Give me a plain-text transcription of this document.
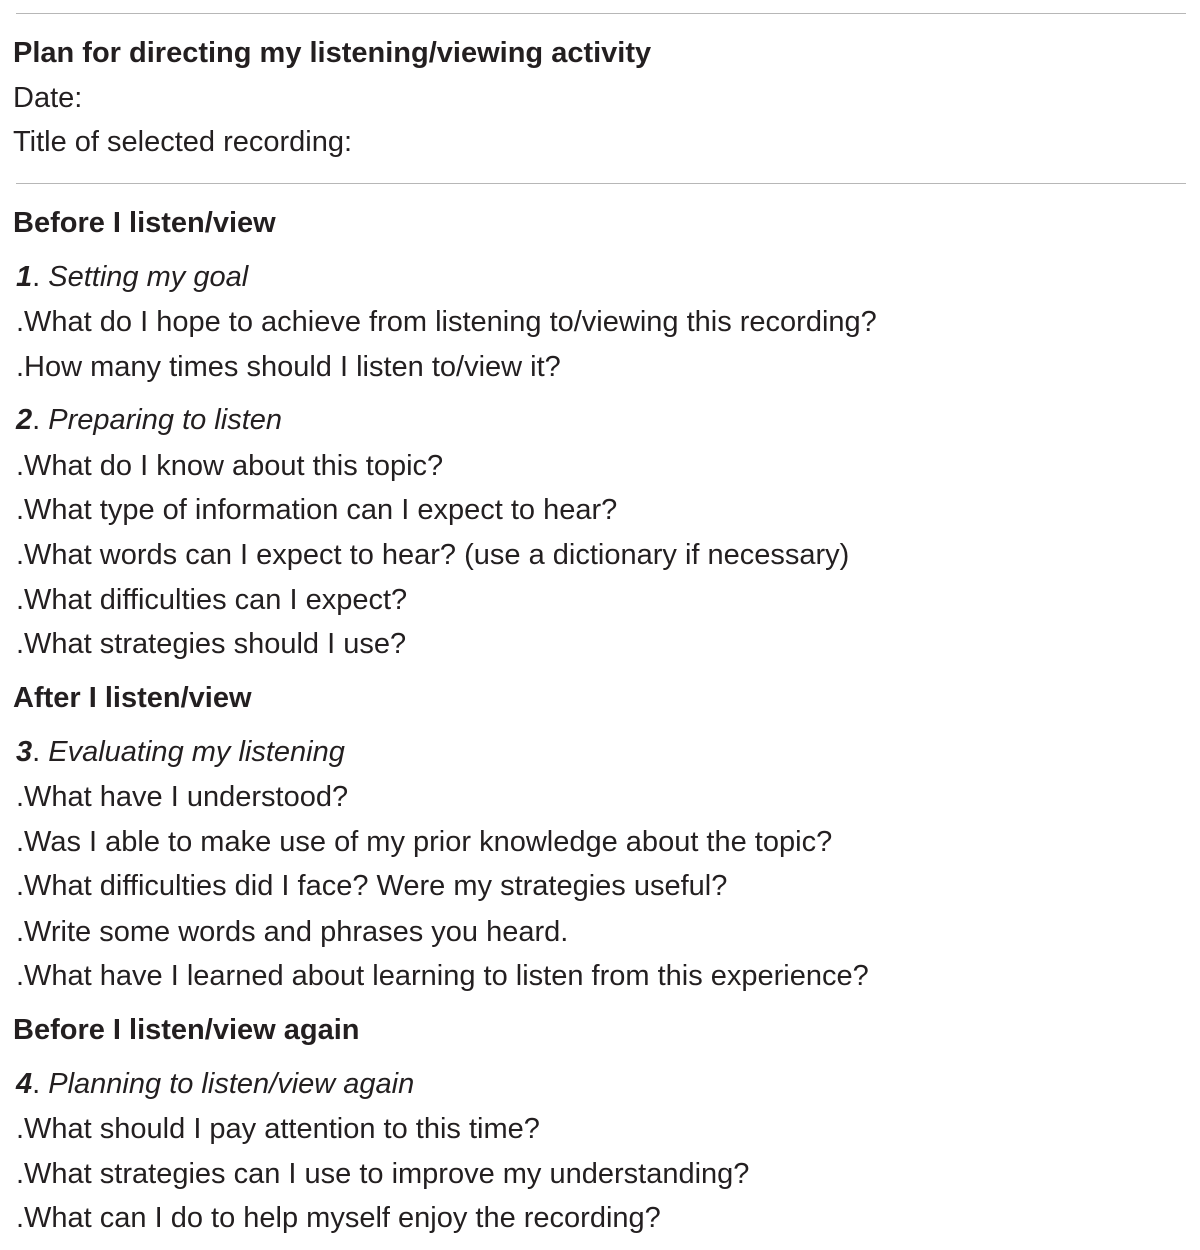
Plan for directing my listening/viewing activity
Date:
Title of selected recording:
Before I listen/view
1. Setting my goal
.What do I hope to achieve from listening to/viewing this recording?
.How many times should I listen to/view it?
2. Preparing to listen
.What do I know about this topic?
.What type of information can I expect to hear?
.What words can I expect to hear? (use a dictionary if necessary)
.What difficulties can I expect?
.What strategies should I use?
After I listen/view
3. Evaluating my listening
.What have I understood?
.Was I able to make use of my prior knowledge about the topic?
.What difficulties did I face? Were my strategies useful?
.Write some words and phrases you heard.
.What have I learned about learning to listen from this experience?
Before I listen/view again
4. Planning to listen/view again
.What should I pay attention to this time?
.What strategies can I use to improve my understanding?
.What can I do to help myself enjoy the recording?
